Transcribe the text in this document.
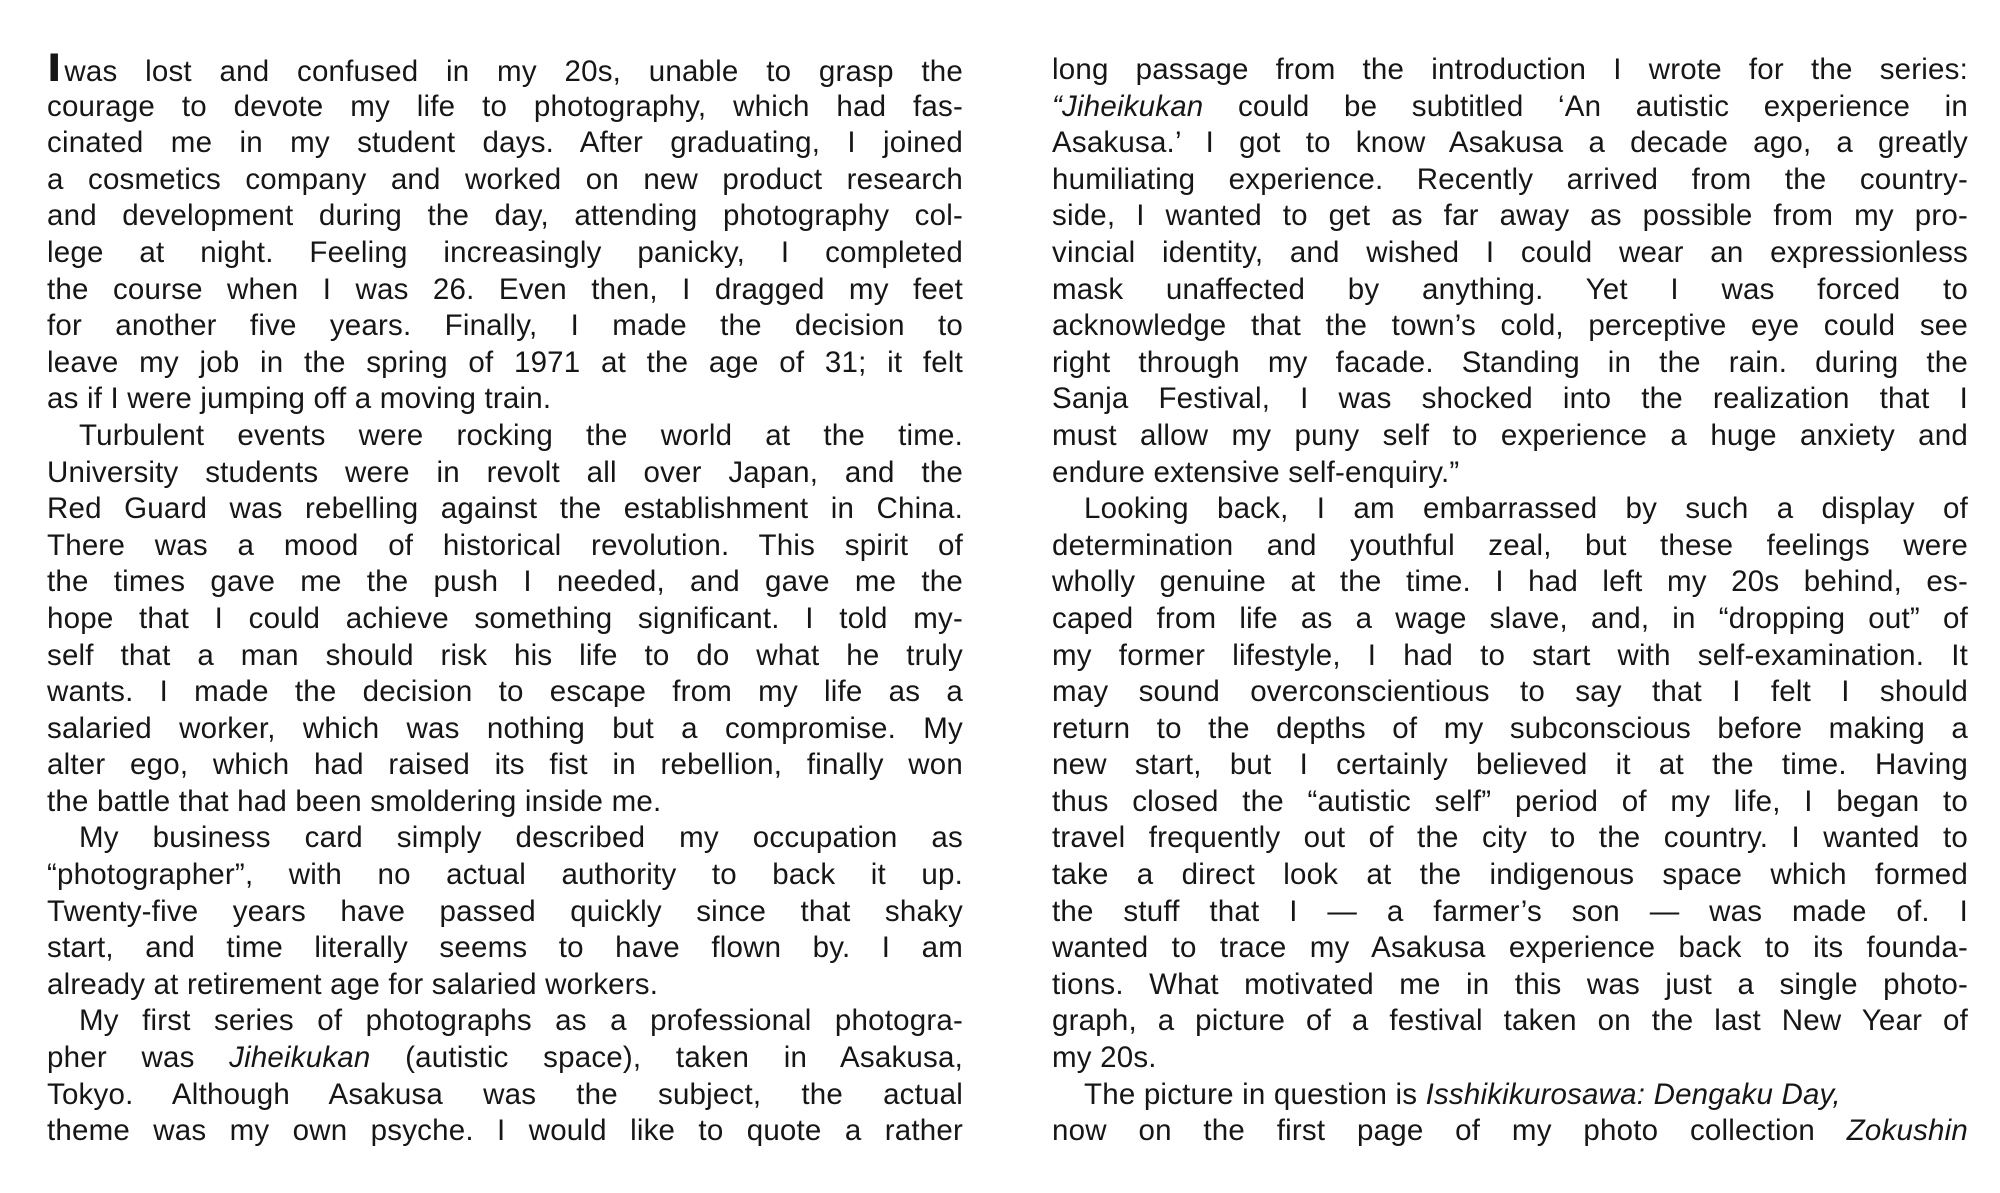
Iwas lost and confused in my 20s, unable to grasp the
courage to devote my life to photography, which had fas-
cinated me in my student days. After graduating, I joined
a cosmetics company and worked on new product research
and development during the day, attending photography col-
lege at night. Feeling increasingly panicky, I completed
the course when I was 26. Even then, I dragged my feet
for another five years. Finally, I made the decision to
leave my job in the spring of 1971 at the age of 31; it felt
as if I were jumping off a moving train.
Turbulent events were rocking the world at the time.
University students were in revolt all over Japan, and the
Red Guard was rebelling against the establishment in China.
There was a mood of historical revolution. This spirit of
the times gave me the push I needed, and gave me the
hope that I could achieve something significant. I told my-
self that a man should risk his life to do what he truly
wants. I made the decision to escape from my life as a
salaried worker, which was nothing but a compromise. My
alter ego, which had raised its fist in rebellion, finally won
the battle that had been smoldering inside me.
My business card simply described my occupation as
“photographer”, with no actual authority to back it up.
Twenty-five years have passed quickly since that shaky
start, and time literally seems to have flown by. I am
already at retirement age for salaried workers.
My first series of photographs as a professional photogra-
pher was Jiheikukan (autistic space), taken in Asakusa,
Tokyo. Although Asakusa was the subject, the actual
theme was my own psyche. I would like to quote a rather
long passage from the introduction I wrote for the series:
“Jiheikukan could be subtitled ‘An autistic experience in
Asakusa.’ I got to know Asakusa a decade ago, a greatly
humiliating experience. Recently arrived from the country-
side, I wanted to get as far away as possible from my pro-
vincial identity, and wished I could wear an expressionless
mask unaffected by anything. Yet I was forced to
acknowledge that the town’s cold, perceptive eye could see
right through my facade. Standing in the rain. during the
Sanja Festival, I was shocked into the realization that I
must allow my puny self to experience a huge anxiety and
endure extensive self-enquiry.”
Looking back, I am embarrassed by such a display of
determination and youthful zeal, but these feelings were
wholly genuine at the time. I had left my 20s behind, es-
caped from life as a wage slave, and, in “dropping out” of
my former lifestyle, I had to start with self-examination. It
may sound overconscientious to say that I felt I should
return to the depths of my subconscious before making a
new start, but I certainly believed it at the time. Having
thus closed the “autistic self” period of my life, I began to
travel frequently out of the city to the country. I wanted to
take a direct look at the indigenous space which formed
the stuff that I — a farmer’s son — was made of. I
wanted to trace my Asakusa experience back to its founda-
tions. What motivated me in this was just a single photo-
graph, a picture of a festival taken on the last New Year of
my 20s.
The picture in question is Isshikikurosawa: Dengaku Day,
now on the first page of my photo collection Zokushin
